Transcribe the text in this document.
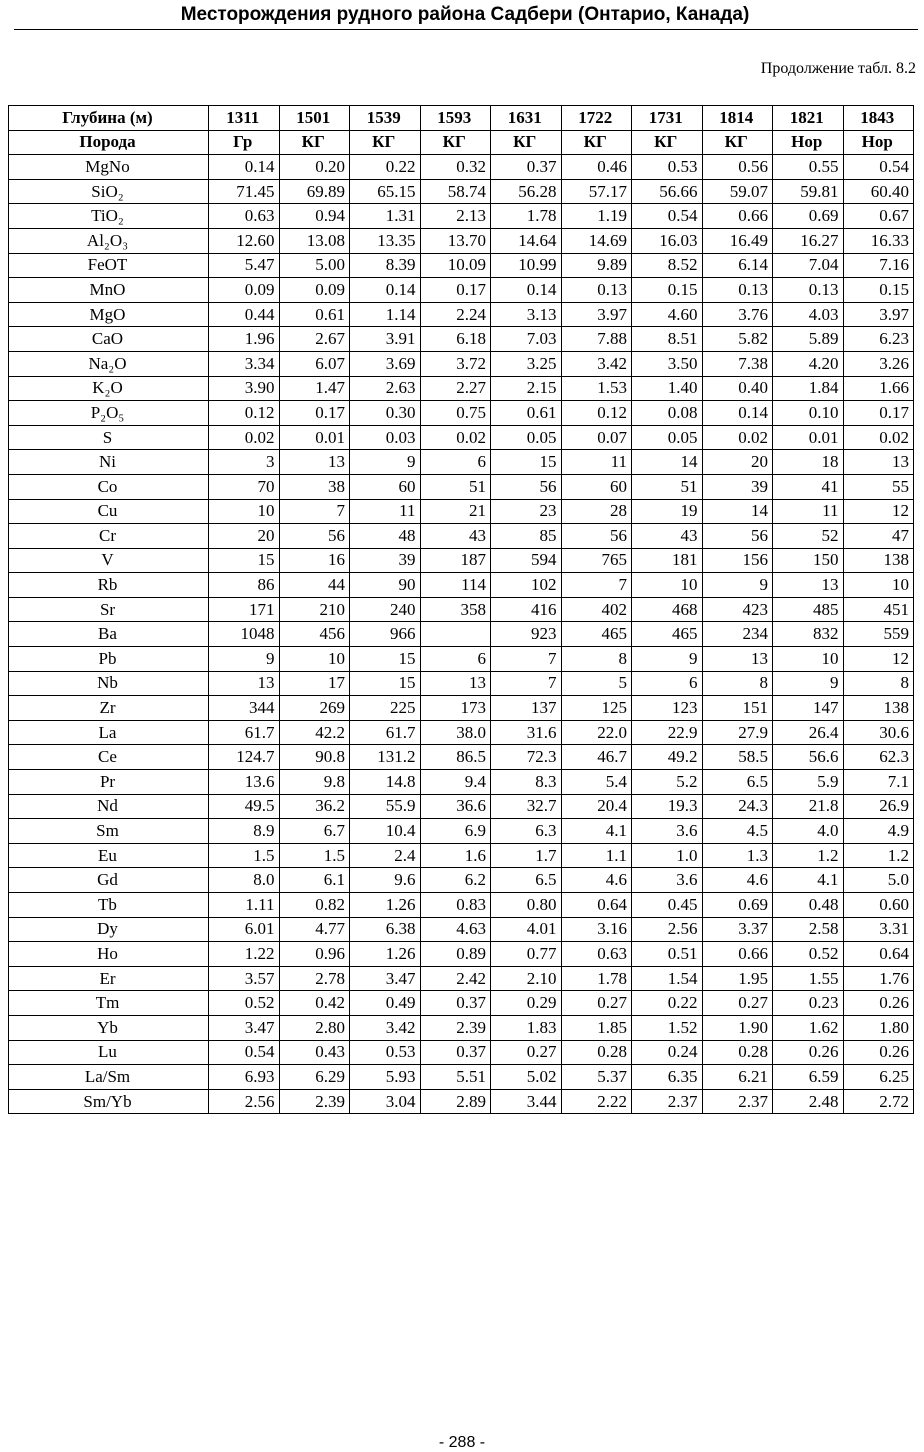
Месторождения рудного района Садбери (Онтарио, Канада)
Продолжение табл. 8.2
Глубина (м)	1311	1501	1539	1593	1631	1722	1731	1814	1821	1843
Порода	Гр	КГ	КГ	КГ	КГ	КГ	КГ	КГ	Нор	Нор
MgNo	0.14	0.20	0.22	0.32	0.37	0.46	0.53	0.56	0.55	0.54
SiO₂	71.45	69.89	65.15	58.74	56.28	57.17	56.66	59.07	59.81	60.40
TiO₂	0.63	0.94	1.31	2.13	1.78	1.19	0.54	0.66	0.69	0.67
Al₂O₃	12.60	13.08	13.35	13.70	14.64	14.69	16.03	16.49	16.27	16.33
FeOT	5.47	5.00	8.39	10.09	10.99	9.89	8.52	6.14	7.04	7.16
MnO	0.09	0.09	0.14	0.17	0.14	0.13	0.15	0.13	0.13	0.15
MgO	0.44	0.61	1.14	2.24	3.13	3.97	4.60	3.76	4.03	3.97
CaO	1.96	2.67	3.91	6.18	7.03	7.88	8.51	5.82	5.89	6.23
Na₂O	3.34	6.07	3.69	3.72	3.25	3.42	3.50	7.38	4.20	3.26
K₂O	3.90	1.47	2.63	2.27	2.15	1.53	1.40	0.40	1.84	1.66
P₂O₅	0.12	0.17	0.30	0.75	0.61	0.12	0.08	0.14	0.10	0.17
S	0.02	0.01	0.03	0.02	0.05	0.07	0.05	0.02	0.01	0.02
Ni	3	13	9	6	15	11	14	20	18	13
Co	70	38	60	51	56	60	51	39	41	55
Cu	10	7	11	21	23	28	19	14	11	12
Cr	20	56	48	43	85	56	43	56	52	47
V	15	16	39	187	594	765	181	156	150	138
Rb	86	44	90	114	102	7	10	9	13	10
Sr	171	210	240	358	416	402	468	423	485	451
Ba	1048	456	966		923	465	465	234	832	559
Pb	9	10	15	6	7	8	9	13	10	12
Nb	13	17	15	13	7	5	6	8	9	8
Zr	344	269	225	173	137	125	123	151	147	138
La	61.7	42.2	61.7	38.0	31.6	22.0	22.9	27.9	26.4	30.6
Ce	124.7	90.8	131.2	86.5	72.3	46.7	49.2	58.5	56.6	62.3
Pr	13.6	9.8	14.8	9.4	8.3	5.4	5.2	6.5	5.9	7.1
Nd	49.5	36.2	55.9	36.6	32.7	20.4	19.3	24.3	21.8	26.9
Sm	8.9	6.7	10.4	6.9	6.3	4.1	3.6	4.5	4.0	4.9
Eu	1.5	1.5	2.4	1.6	1.7	1.1	1.0	1.3	1.2	1.2
Gd	8.0	6.1	9.6	6.2	6.5	4.6	3.6	4.6	4.1	5.0
Tb	1.11	0.82	1.26	0.83	0.80	0.64	0.45	0.69	0.48	0.60
Dy	6.01	4.77	6.38	4.63	4.01	3.16	2.56	3.37	2.58	3.31
Ho	1.22	0.96	1.26	0.89	0.77	0.63	0.51	0.66	0.52	0.64
Er	3.57	2.78	3.47	2.42	2.10	1.78	1.54	1.95	1.55	1.76
Tm	0.52	0.42	0.49	0.37	0.29	0.27	0.22	0.27	0.23	0.26
Yb	3.47	2.80	3.42	2.39	1.83	1.85	1.52	1.90	1.62	1.80
Lu	0.54	0.43	0.53	0.37	0.27	0.28	0.24	0.28	0.26	0.26
La/Sm	6.93	6.29	5.93	5.51	5.02	5.37	6.35	6.21	6.59	6.25
Sm/Yb	2.56	2.39	3.04	2.89	3.44	2.22	2.37	2.37	2.48	2.72
- 288 -
